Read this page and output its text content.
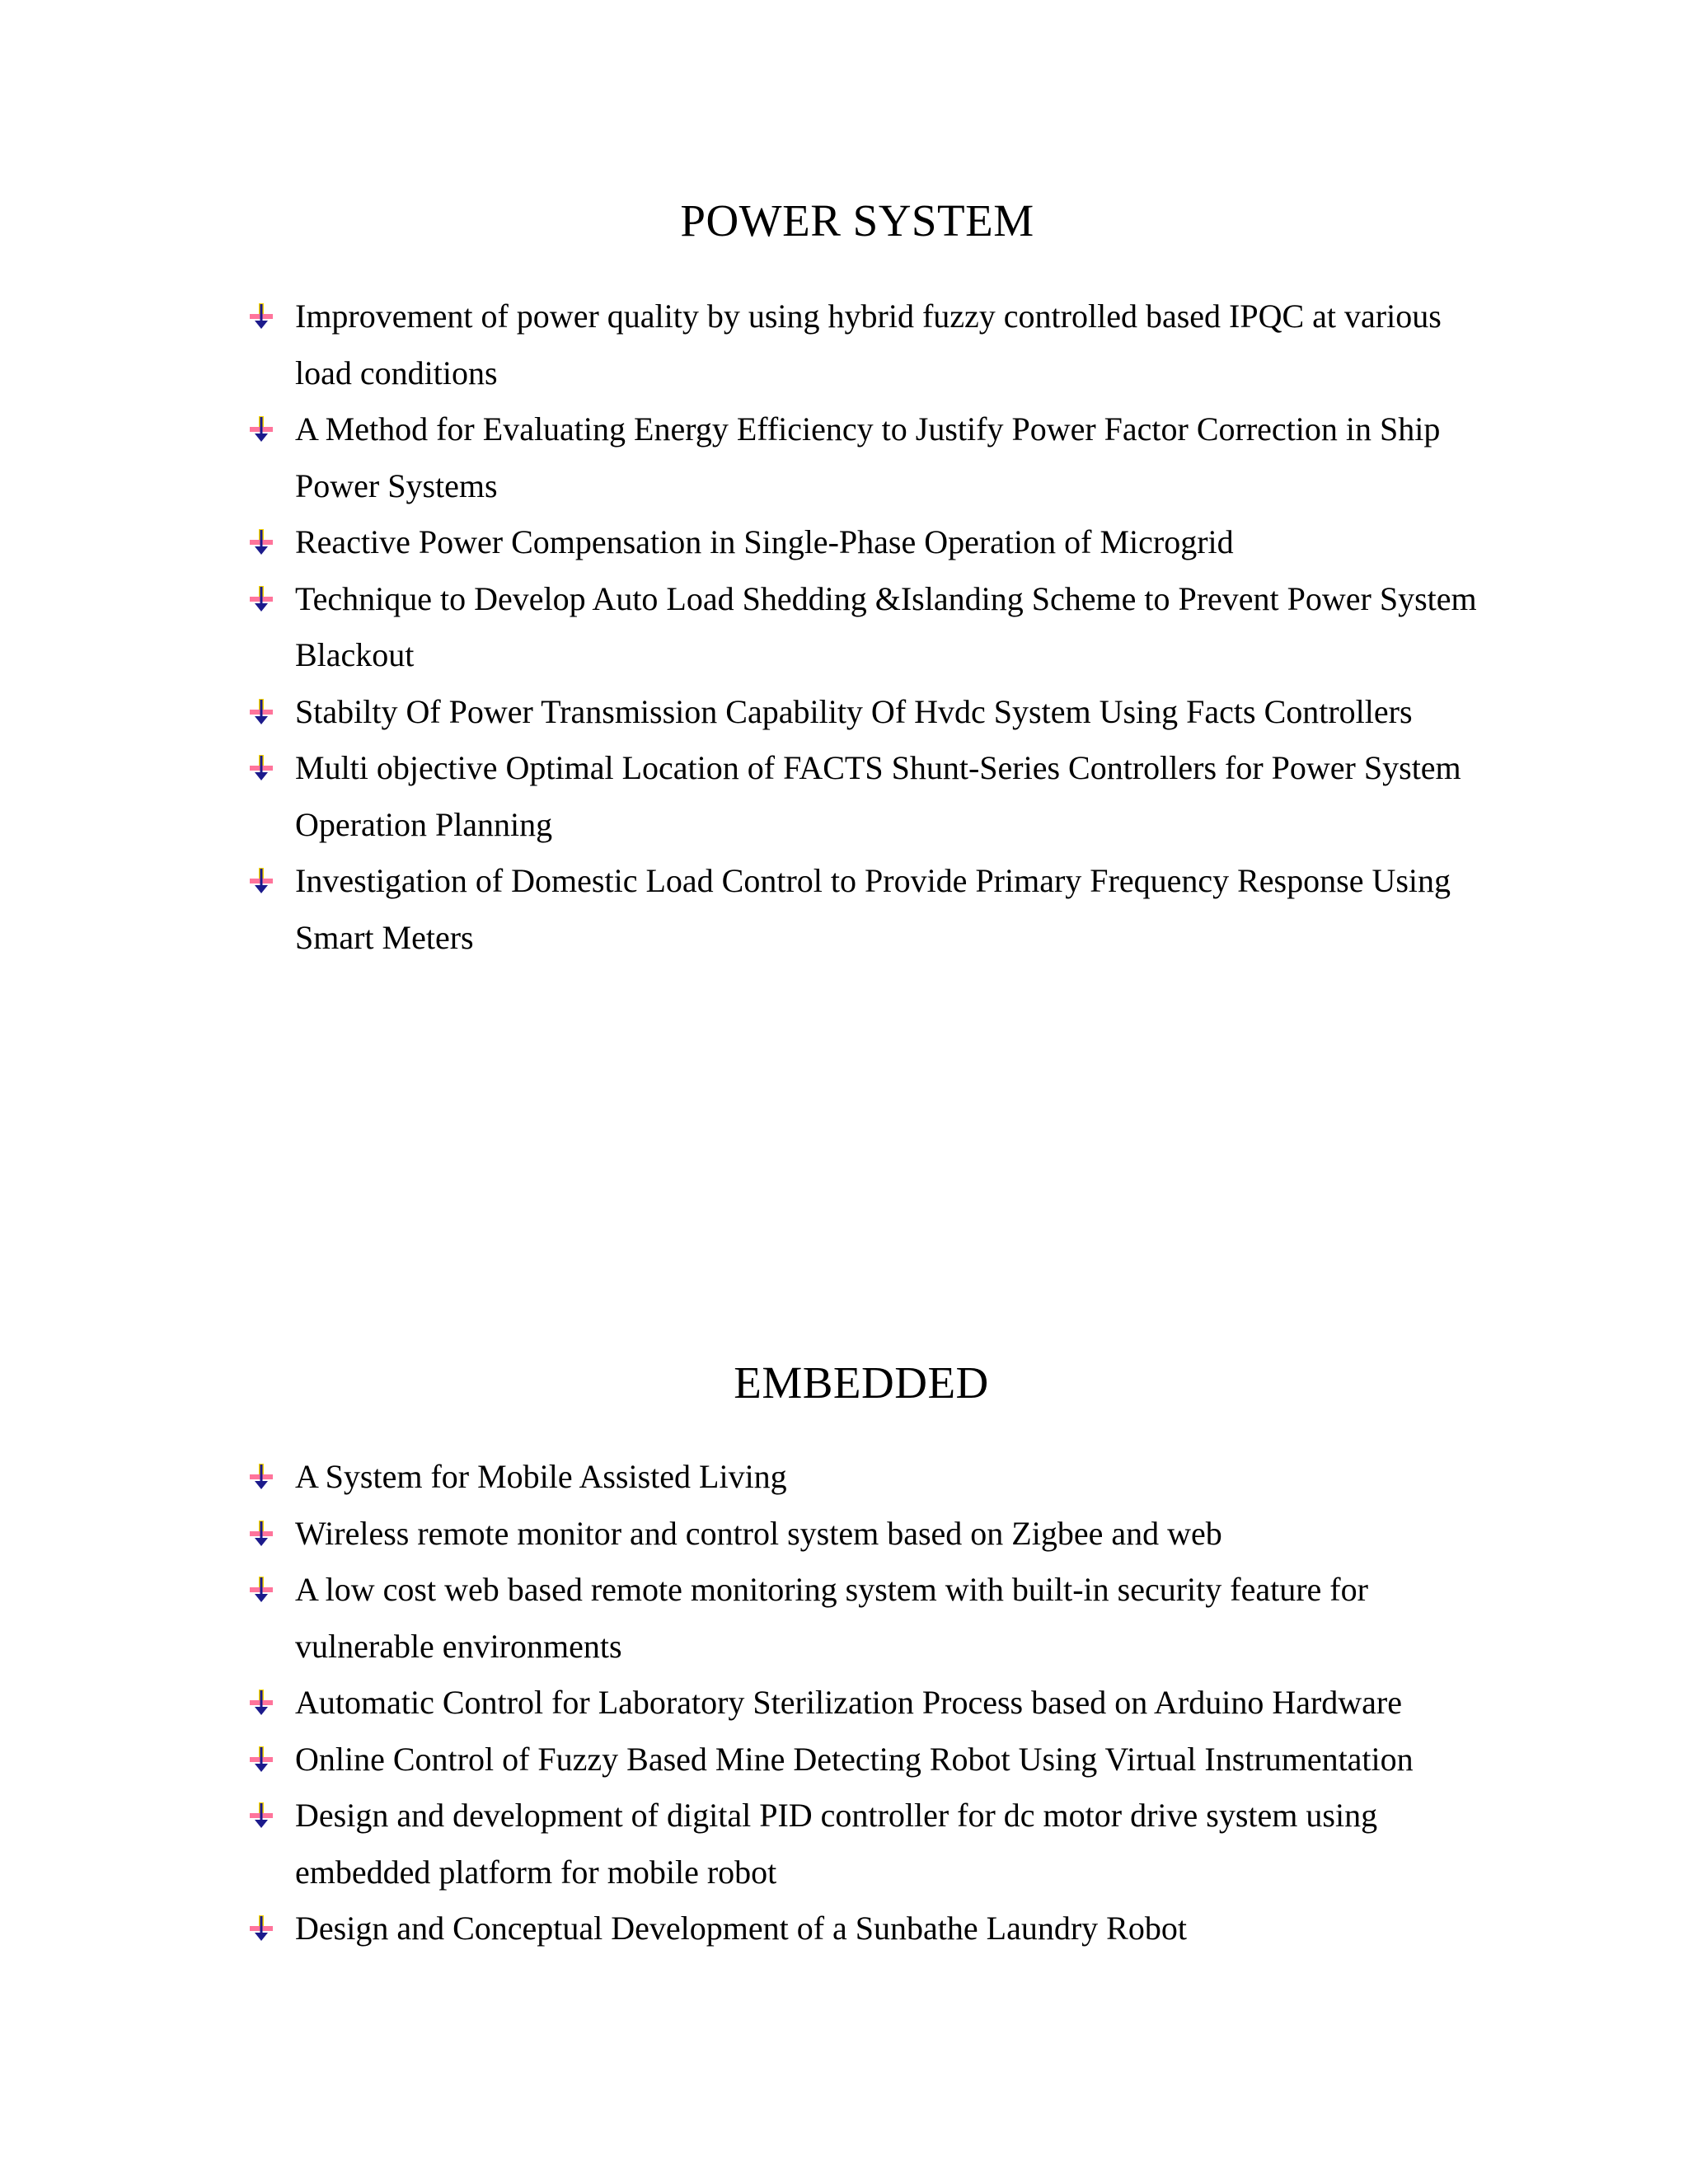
POWER SYSTEM
Improvement of power quality by using hybrid fuzzy controlled based IPQC at various load conditions
A Method for Evaluating Energy Efficiency to Justify Power Factor Correction in Ship Power Systems
Reactive Power Compensation in Single-Phase Operation of Microgrid
Technique to Develop Auto Load Shedding &Islanding Scheme to Prevent Power System Blackout
Stabilty Of Power Transmission Capability Of Hvdc System Using Facts Controllers
Multi objective Optimal Location of FACTS Shunt-Series Controllers for Power System Operation Planning
Investigation of Domestic Load Control to Provide Primary Frequency Response Using Smart Meters
EMBEDDED
A System for Mobile Assisted Living
Wireless remote monitor and control system based on Zigbee and web
A low cost web based remote monitoring system with built-in security feature for vulnerable environments
Automatic Control for Laboratory Sterilization Process based on Arduino Hardware
Online Control of Fuzzy Based Mine Detecting Robot Using Virtual Instrumentation
Design and development of digital PID controller for dc motor drive system using embedded platform for mobile robot
Design and Conceptual Development of a Sunbathe Laundry Robot
